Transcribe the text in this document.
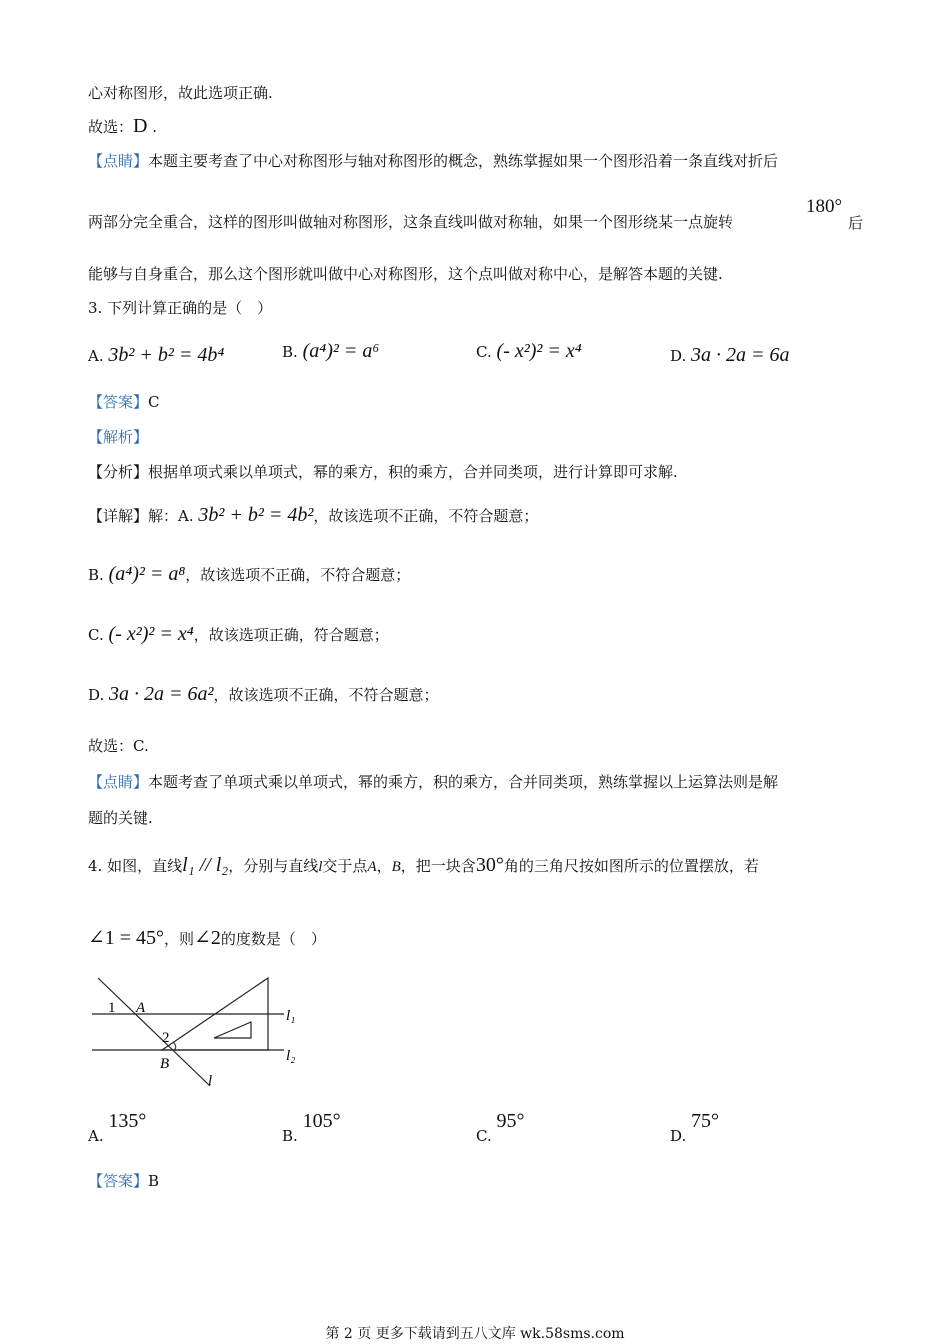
心对称图形，故此选项正确.
故选：D .
【点睛】本题主要考查了中心对称图形与轴对称图形的概念，熟练掌握如果一个图形沿着一条直线对折后
两部分完全重合，这样的图形叫做轴对称图形，这条直线叫做对称轴，如果一个图形绕某一点旋转
180°
后
能够与自身重合，那么这个图形就叫做中心对称图形，这个点叫做对称中心，是解答本题的关键.
3. 下列计算正确的是（　）
A. 3b² + b² = 4b⁴	B. (a⁴)² = a⁶	C. (- x²)² = x⁴	D. 3a · 2a = 6a
【答案】C
【解析】
【分析】根据单项式乘以单项式，幂的乘方，积的乘方，合并同类项，进行计算即可求解.
【详解】解：A. 3b² + b² = 4b²，故该选项不正确，不符合题意；
B. (a⁴)² = a⁸，故该选项不正确，不符合题意；
C. (- x²)² = x⁴，故该选项正确，符合题意；
D. 3a · 2a = 6a²，故该选项不正确，不符合题意；
故选：C.
【点睛】本题考查了单项式乘以单项式，幂的乘方，积的乘方，合并同类项，熟练掌握以上运算法则是解
题的关键.
4. 如图，直线l₁ // l₂，分别与直线l交于点A，B，把一块含30°角的三角尺按如图所示的位置摆放，若
∠1 = 45°，则∠2的度数是（　）
1 A
2
B
l
l₁
l₂
A. 135°
B. 105°
C. 95°
D. 75°
【答案】B
第 2 页 更多下载请到五八文库 wk.58sms.com
